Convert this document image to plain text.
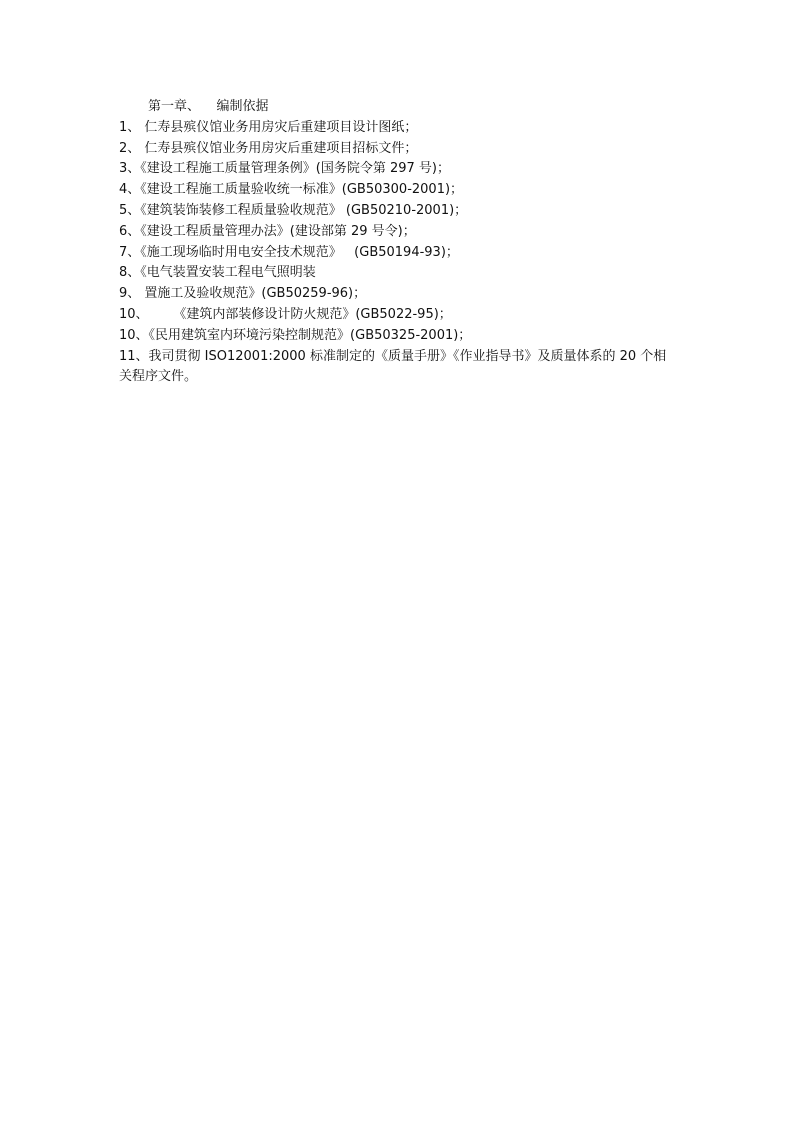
第一章、    编制依据
1、 仁寿县殡仪馆业务用房灾后重建项目设计图纸；
2、 仁寿县殡仪馆业务用房灾后重建项目招标文件；
3、《建设工程施工质量管理条例》(国务院令第 297 号)；
4、《建设工程施工质量验收统一标准》(GB50300-2001)；
5、《建筑装饰装修工程质量验收规范》 (GB50210-2001)；
6、《建设工程质量管理办法》(建设部第 29 号令)；
7、《施工现场临时用电安全技术规范》   (GB50194-93)；
8、《电气装置安装工程电气照明装
9、 置施工及验收规范》(GB50259-96)；
10、      《建筑内部装修设计防火规范》(GB5022-95)；
10、《民用建筑室内环境污染控制规范》(GB50325-2001)；
11、我司贯彻 ISO12001:2000 标准制定的《质量手册》《作业指导书》及质量体系的 20 个相关程序文件。
